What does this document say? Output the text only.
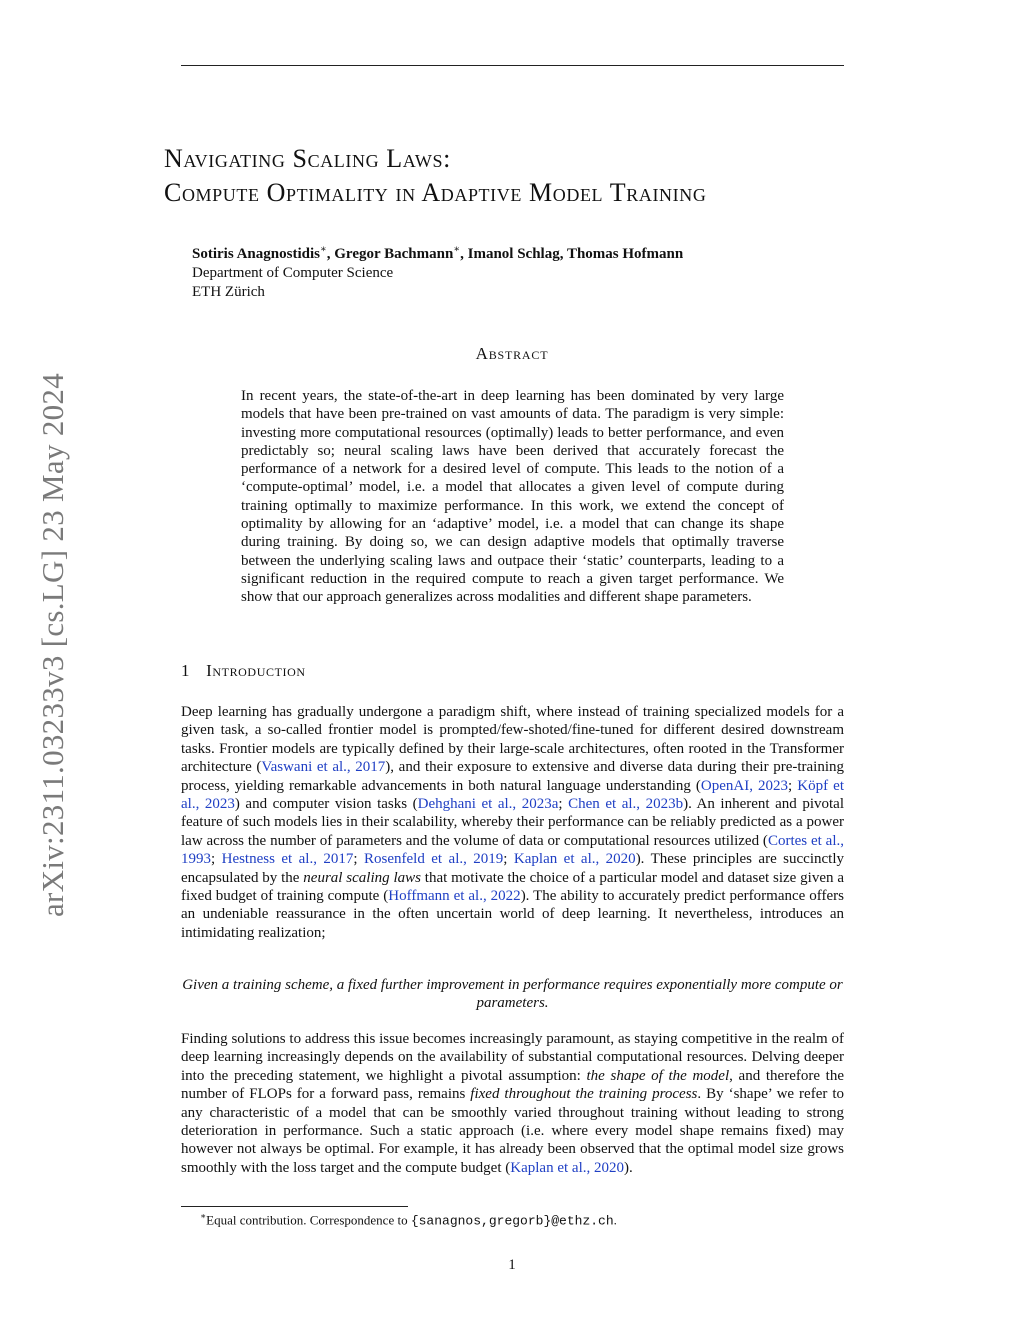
arXiv:2311.03233v3 [cs.LG] 23 May 2024
Navigating Scaling Laws:
Compute Optimality in Adaptive Model Training
Sotiris Anagnostidis∗, Gregor Bachmann∗, Imanol Schlag, Thomas Hofmann
Department of Computer Science
ETH Zürich
Abstract

In recent years, the state-of-the-art in deep learning has been dominated by very large models that have been pre-trained on vast amounts of data. The paradigm is very simple: investing more computational resources (optimally) leads to better performance, and even predictably so; neural scaling laws have been derived that accurately forecast the performance of a network for a desired level of compute. This leads to the notion of a ‘compute-optimal’ model, i.e. a model that allocates a given level of compute during training optimally to maximize performance. In this work, we extend the concept of optimality by allowing for an ‘adaptive’ model, i.e. a model that can change its shape during training. By doing so, we can design adaptive models that optimally traverse between the underlying scaling laws and outpace their ‘static’ counterparts, leading to a significant reduction in the required compute to reach a given target performance. We show that our approach generalizes across modalities and different shape parameters.

1 Introduction

Deep learning has gradually undergone a paradigm shift, where instead of training specialized models for a given task, a so-called frontier model is prompted/few-shoted/fine-tuned for different desired downstream tasks. Frontier models are typically defined by their large-scale architectures, often rooted in the Transformer architecture (Vaswani et al., 2017), and their exposure to extensive and diverse data during their pre-training process, yielding remarkable advancements in both natural language understanding (OpenAI, 2023; Köpf et al., 2023) and computer vision tasks (Dehghani et al., 2023a; Chen et al., 2023b). An inherent and pivotal feature of such models lies in their scalability, whereby their performance can be reliably predicted as a power law across the number of parameters and the volume of data or computational resources utilized (Cortes et al., 1993; Hestness et al., 2017; Rosenfeld et al., 2019; Kaplan et al., 2020). These principles are succinctly encapsulated by the neural scaling laws that motivate the choice of a particular model and dataset size given a fixed budget of training compute (Hoffmann et al., 2022). The ability to accurately predict performance offers an undeniable reassurance in the often uncertain world of deep learning. It nevertheless, introduces an intimidating realization;

Given a training scheme, a fixed further improvement in performance requires exponentially more compute or parameters.

Finding solutions to address this issue becomes increasingly paramount, as staying competitive in the realm of deep learning increasingly depends on the availability of substantial computational resources. Delving deeper into the preceding statement, we highlight a pivotal assumption: the shape of the model, and therefore the number of FLOPs for a forward pass, remains fixed throughout the training process. By ‘shape’ we refer to any characteristic of a model that can be smoothly varied throughout training without leading to strong deterioration in performance. Such a static approach (i.e. where every model shape remains fixed) may however not always be optimal. For example, it has already been observed that the optimal model size grows smoothly with the loss target and the compute budget (Kaplan et al., 2020).

∗Equal contribution. Correspondence to {sanagnos,gregorb}@ethz.ch.

1
